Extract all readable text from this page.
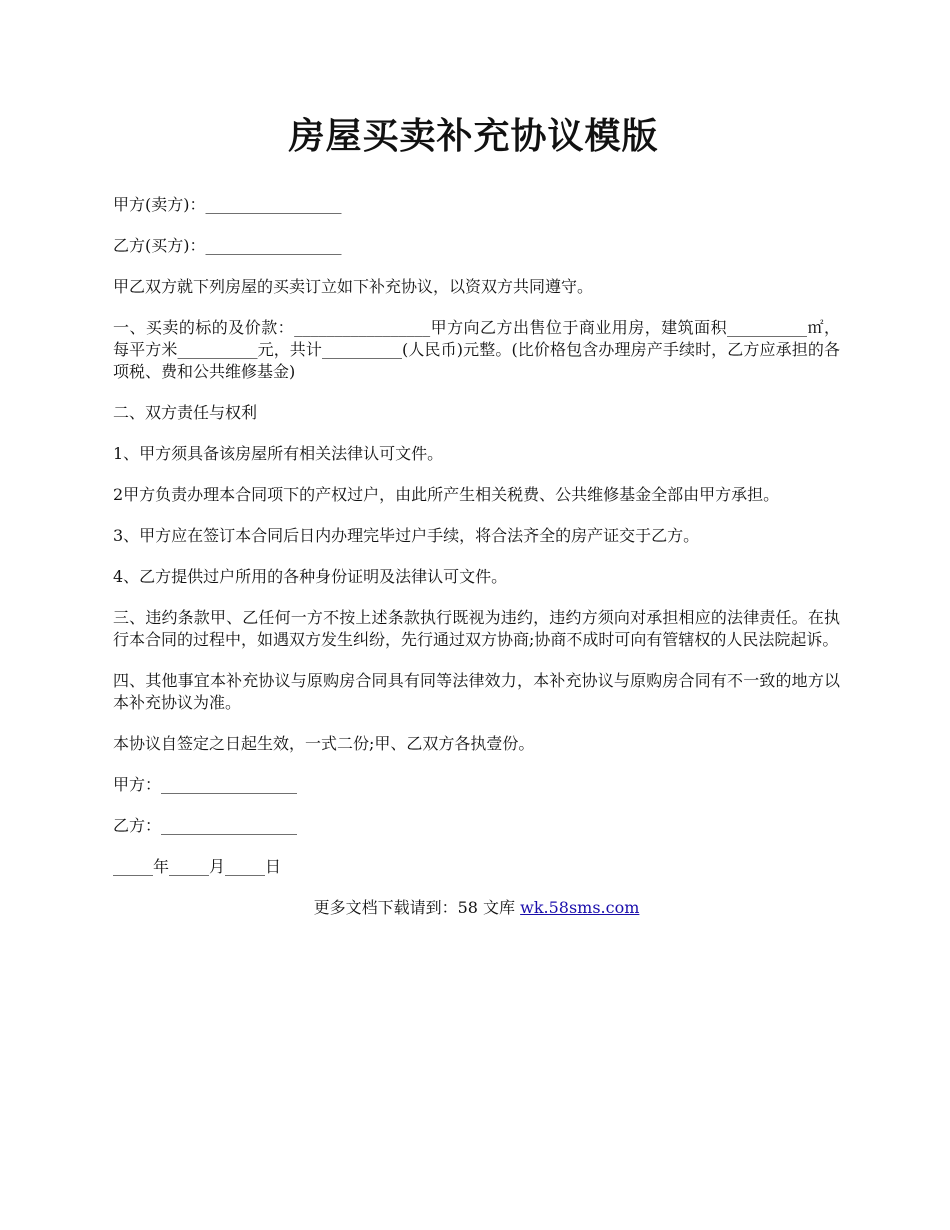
房屋买卖补充协议模版

甲方(卖方)：_________________

乙方(买方)：_________________

甲乙双方就下列房屋的买卖订立如下补充协议，以资双方共同遵守。

一、买卖的标的及价款：_________________甲方向乙方出售位于商业用房，建筑面积__________㎡，每平方米__________元，共计__________(人民币)元整。(比价格包含办理房产手续时，乙方应承担的各项税、费和公共维修基金)

二、双方责任与权利

1、甲方须具备该房屋所有相关法律认可文件。

2甲方负责办理本合同项下的产权过户，由此所产生相关税费、公共维修基金全部由甲方承担。

3、甲方应在签订本合同后日内办理完毕过户手续，将合法齐全的房产证交于乙方。

4、乙方提供过户所用的各种身份证明及法律认可文件。

三、违约条款甲、乙任何一方不按上述条款执行既视为违约，违约方须向对承担相应的法律责任。在执行本合同的过程中，如遇双方发生纠纷，先行通过双方协商;协商不成时可向有管辖权的人民法院起诉。

四、其他事宜本补充协议与原购房合同具有同等法律效力，本补充协议与原购房合同有不一致的地方以本补充协议为准。

本协议自签定之日起生效，一式二份;甲、乙双方各执壹份。

甲方：_________________

乙方：_________________

_____年_____月_____日

更多文档下载请到：58 文库 wk.58sms.com
